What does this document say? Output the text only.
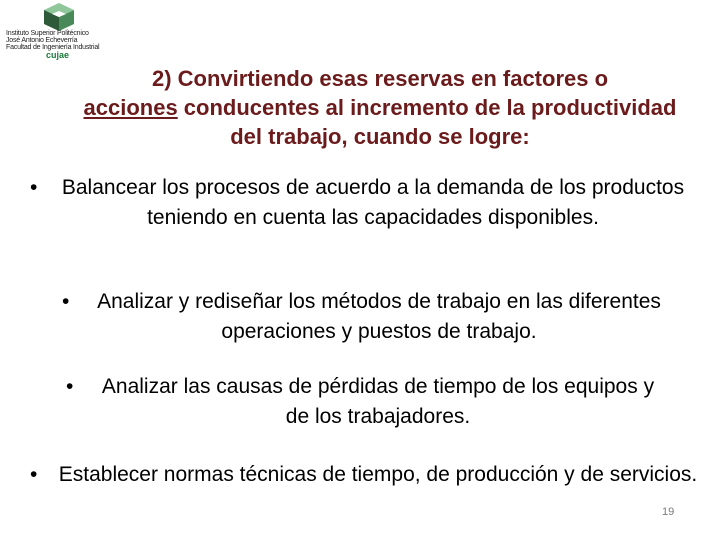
Instituto Superior Politécnico
José Antonio Echeverría
Facultad de Ingeniería Industrial
cujae
2) Convirtiendo esas reservas en factores o
acciones conducentes al incremento de la productividad del trabajo, cuando se logre:
• Balancear los procesos de acuerdo a la demanda de los productos teniendo en cuenta las capacidades disponibles.
•	Analizar y rediseñar los métodos de trabajo en las diferentes operaciones y puestos de trabajo.
•	Analizar las causas de pérdidas de tiempo de los equipos y de los trabajadores.
• Establecer normas técnicas de tiempo, de producción y de servicios.
19
